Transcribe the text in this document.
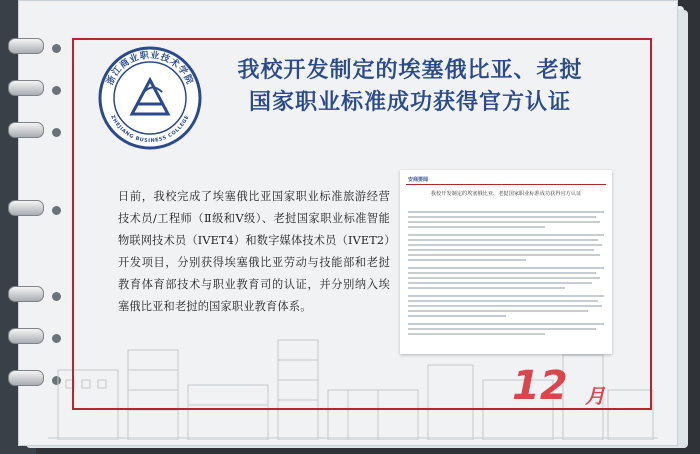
浙江商业职业技术学院
ZHEJIANG BUSINESS COLLEGE
我校开发制定的埃塞俄比亚、老挝
国家职业标准成功获得官方认证
日前，我校完成了埃塞俄比亚国家职业标准旅游经营技术员/工程师（Ⅱ级和Ⅴ级）、老挝国家职业标准智能物联网技术员（IVET4）和数字媒体技术员（IVET2）开发项目，分别获得埃塞俄比亚劳动与技能部和老挝教育体育部技术与职业教育司的认证，并分别纳入埃塞俄比亚和老挝的国家职业教育体系。
安商要闻
我校开发制定的埃塞俄比亚、老挝国家职业标准成功获得官方认证
12 月
